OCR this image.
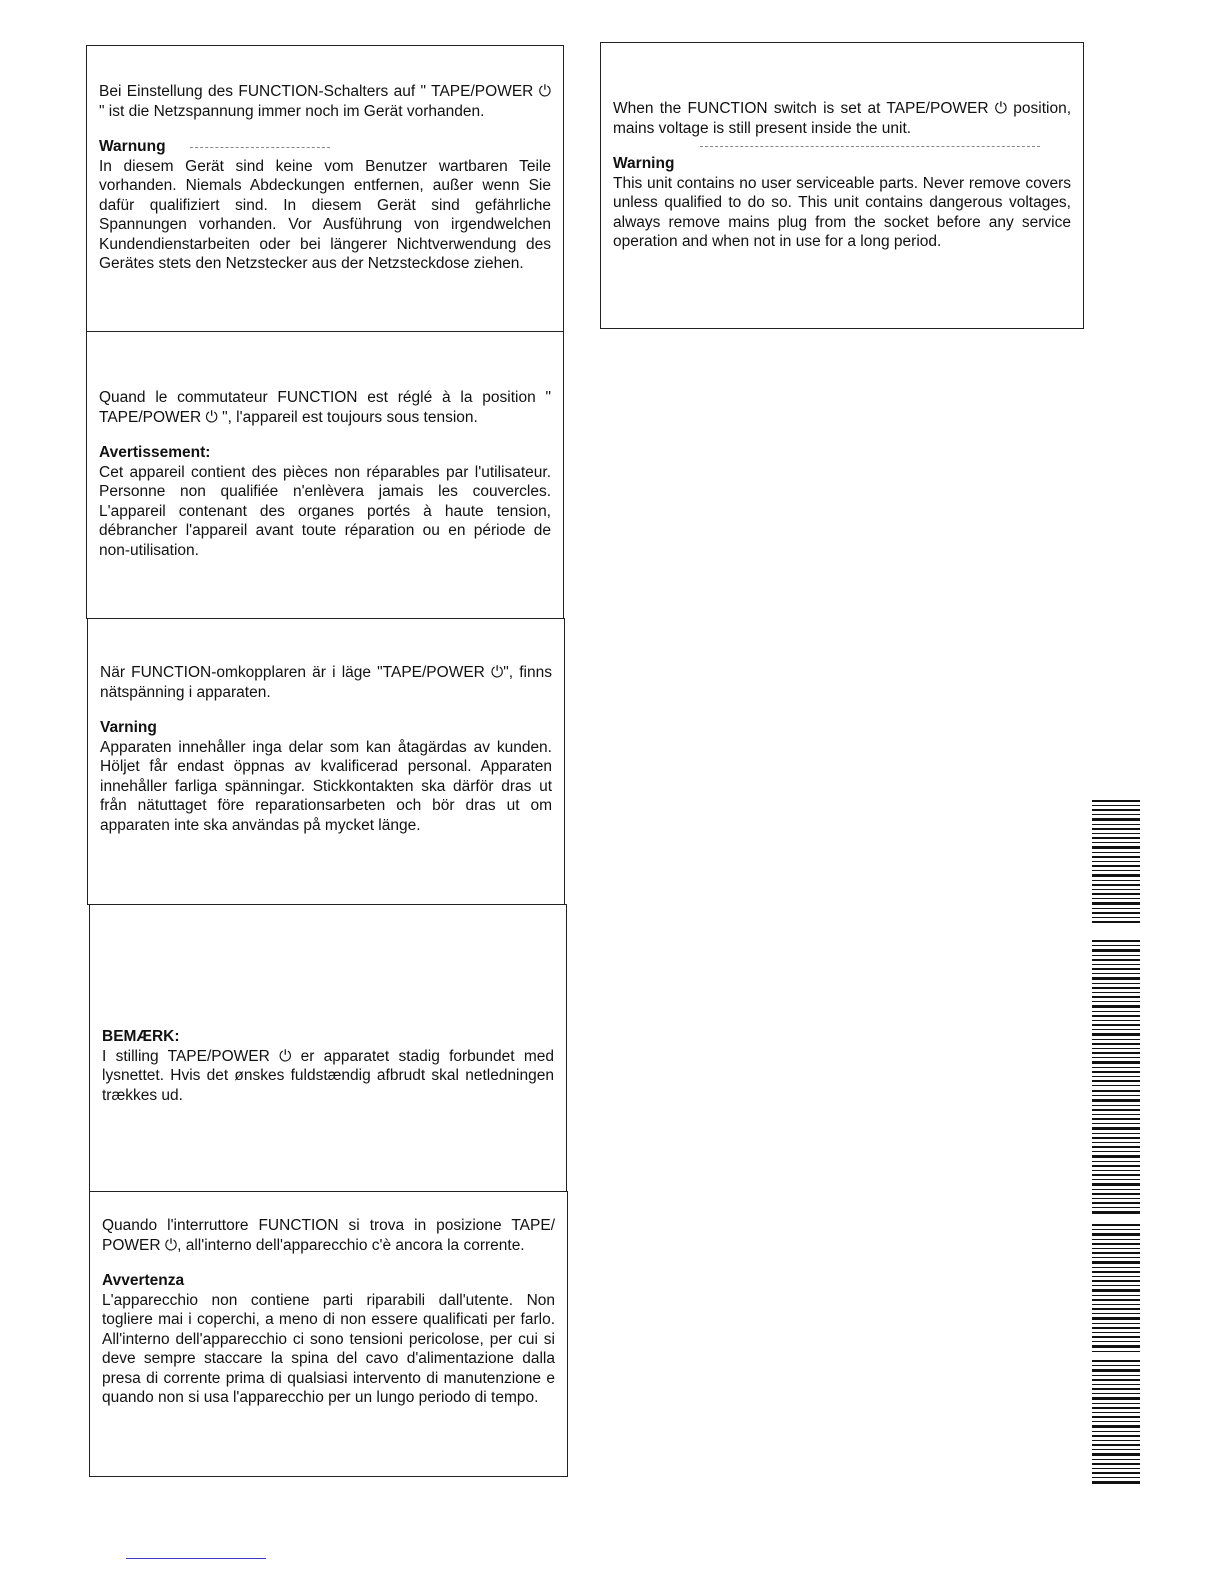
Bei Einstellung des FUNCTION-Schalters auf " TAPE/POWER ⏻ " ist die Netzspannung immer noch im Gerät vorhanden.

Warnung

In diesem Gerät sind keine vom Benutzer wartbaren Teile vorhanden. Niemals Abdeckungen entfernen, außer wenn Sie dafür qualifiziert sind. In diesem Gerät sind gefährliche Spannungen vorhanden. Vor Ausführung von irgendwelchen Kundendienstarbeiten oder bei längerer Nichtverwendung des Gerätes stets den Netzstecker aus der Netzsteckdose ziehen.

When the FUNCTION switch is set at TAPE/POWER ⏻ position, mains voltage is still present inside the unit.

Warning

This unit contains no user serviceable parts. Never remove covers unless qualified to do so. This unit contains dangerous voltages, always remove mains plug from the socket before any service operation and when not in use for a long period.

Quand le commutateur FUNCTION est réglé à la position " TAPE/POWER ⏻ ", l'appareil est toujours sous tension.

Avertissement:

Cet appareil contient des pièces non réparables par l'utilisateur. Personne non qualifiée n'enlèvera jamais les couvercles. L'appareil contenant des organes portés à haute tension, débrancher l'appareil avant toute réparation ou en période de non-utilisation.

När FUNCTION-omkopplaren är i läge "TAPE/POWER ⏻", finns nätspänning i apparaten.

Varning

Apparaten innehåller inga delar som kan åtagärdas av kunden. Höljet får endast öppnas av kvalificerad personal. Apparaten innehåller farliga spänningar. Stickkontakten ska därför dras ut från nätuttaget före reparationsarbeten och bör dras ut om apparaten inte ska användas på mycket länge.

BEMÆRK:

I stilling TAPE/POWER ⏻ er apparatet stadig forbundet med lysnettet. Hvis det ønskes fuldstændig afbrudt skal netledningen trækkes ud.

Quando l'interruttore FUNCTION si trova in posizione TAPE/ POWER ⏻, all'interno dell'apparecchio c'è ancora la corrente.

Avvertenza

L'apparecchio non contiene parti riparabili dall'utente. Non togliere mai i coperchi, a meno di non essere qualificati per farlo. All'interno dell'apparecchio ci sono tensioni pericolose, per cui si deve sempre staccare la spina del cavo d'alimentazione dalla presa di corrente prima di qualsiasi intervento di manutenzione e quando non si usa l'apparecchio per un lungo periodo di tempo.
